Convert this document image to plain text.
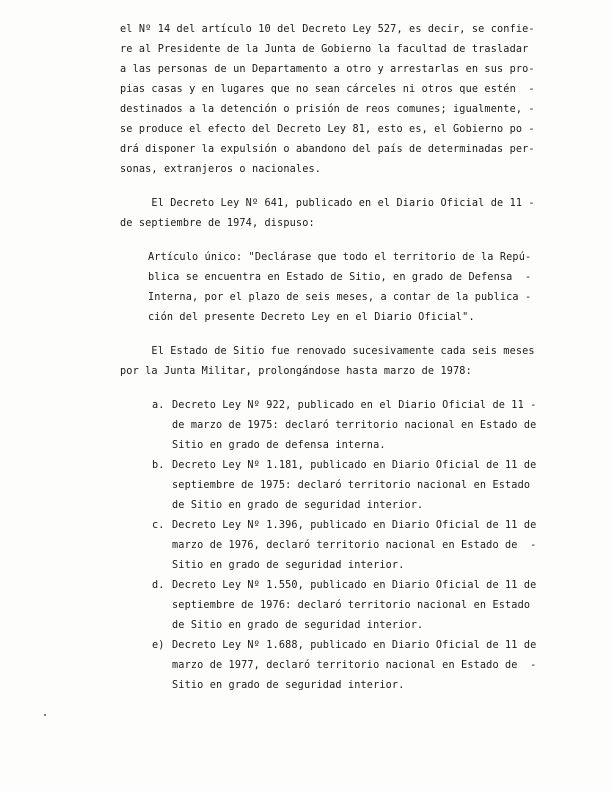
el Nº 14 del artículo 10 del Decreto Ley 527, es decir, se confie-
re al Presidente de la Junta de Gobierno la facultad de trasladar
a las personas de un Departamento a otro y arrestarlas en sus pro-
pias casas y en lugares que no sean cárceles ni otros que estén  -
destinados a la detención o prisión de reos comunes; igualmente, -
se produce el efecto del Decreto Ley 81, esto es, el Gobierno po -
drá disponer la expulsión o abandono del país de determinadas per-
sonas, extranjeros o nacionales.
El Decreto Ley Nº 641, publicado en el Diario Oficial de 11 -
de septiembre de 1974, dispuso:
Artículo único: "Declárase que todo el territorio de la Repú-
blica se encuentra en Estado de Sitio, en grado de Defensa  -
Interna, por el plazo de seis meses, a contar de la publica -
ción del presente Decreto Ley en el Diario Oficial".
El Estado de Sitio fue renovado sucesivamente cada seis meses
por la Junta Militar, prolongándose hasta marzo de 1978:
a. Decreto Ley Nº 922, publicado en el Diario Oficial de 11 -
de marzo de 1975: declaró territorio nacional en Estado de
Sitio en grado de defensa interna.
b. Decreto Ley Nº 1.181, publicado en Diario Oficial de 11 de
septiembre de 1975: declaró territorio nacional en Estado
de Sitio en grado de seguridad interior.
c. Decreto Ley Nº 1.396, publicado en Diario Oficial de 11 de
marzo de 1976, declaró territorio nacional en Estado de  -
Sitio en grado de seguridad interior.
d. Decreto Ley Nº 1.550, publicado en Diario Oficial de 11 de
septiembre de 1976: declaró territorio nacional en Estado
de Sitio en grado de seguridad interior.
e) Decreto Ley Nº 1.688, publicado en Diario Oficial de 11 de
marzo de 1977, declaró territorio nacional en Estado de  -
Sitio en grado de seguridad interior.
